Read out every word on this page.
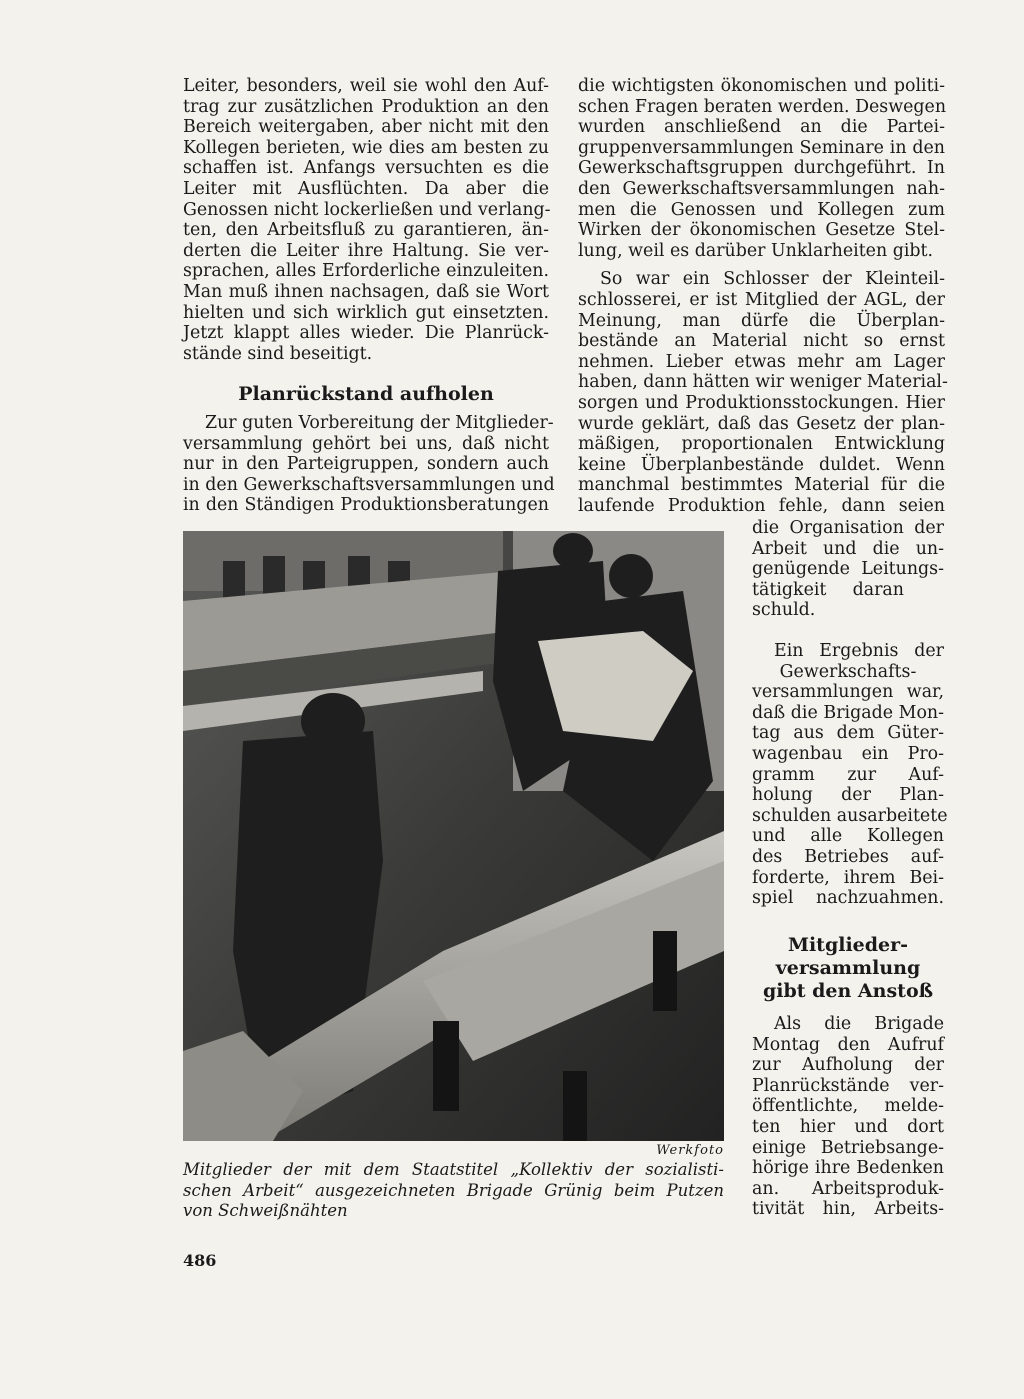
Leiter, besonders, weil sie wohl den Auf-
trag zur zusätzlichen Produktion an den
Bereich weitergaben, aber nicht mit den
Kollegen berieten, wie dies am besten zu
schaffen ist. Anfangs versuchten es die
Leiter mit Ausflüchten. Da aber die
Genossen nicht lockerließen und verlang-
ten, den Arbeitsfluß zu garantieren, än-
derten die Leiter ihre Haltung. Sie ver-
sprachen, alles Erforderliche einzuleiten.
Man muß ihnen nachsagen, daß sie Wort
hielten und sich wirklich gut einsetzten.
Jetzt klappt alles wieder. Die Planrück-
stände sind beseitigt.
Planrückstand aufholen
Zur guten Vorbereitung der Mitglieder-
versammlung gehört bei uns, daß nicht
nur in den Parteigruppen, sondern auch
in den Gewerkschaftsversammlungen und
in den Ständigen Produktionsberatungen
die wichtigsten ökonomischen und politi-
schen Fragen beraten werden. Deswegen
wurden anschließend an die Partei-
gruppenversammlungen Seminare in den
Gewerkschaftsgruppen durchgeführt. In
den Gewerkschaftsversammlungen nah-
men die Genossen und Kollegen zum
Wirken der ökonomischen Gesetze Stel-
lung, weil es darüber Unklarheiten gibt.
So war ein Schlosser der Kleinteil-
schlosserei, er ist Mitglied der AGL, der
Meinung, man dürfe die Überplan-
bestände an Material nicht so ernst
nehmen. Lieber etwas mehr am Lager
haben, dann hätten wir weniger Material-
sorgen und Produktionsstockungen. Hier
wurde geklärt, daß das Gesetz der plan-
mäßigen, proportionalen Entwicklung
keine Überplanbestände duldet. Wenn
manchmal bestimmtes Material für die
laufende Produktion fehle, dann seien
die Organisation der
Arbeit und die un-
genügende Leitungs-
tätigkeit daran
schuld.
Ein Ergebnis der
Gewerkschafts-
versammlungen war,
daß die Brigade Mon-
tag aus dem Güter-
wagenbau ein Pro-
gramm zur Auf-
holung der Plan-
schulden ausarbeitete
und alle Kollegen
des Betriebes auf-
forderte, ihrem Bei-
spiel nachzuahmen.
Mitglieder-
versammlung
gibt den Anstoß
Als die Brigade
Montag den Aufruf
zur Aufholung der
Planrückstände ver-
öffentlichte, melde-
ten hier und dort
einige Betriebsange-
hörige ihre Bedenken
an. Arbeitsproduk-
tivität hin, Arbeits-
Werkfoto
Mitglieder der mit dem Staatstitel „Kollektiv der sozialisti-
schen Arbeit“ ausgezeichneten Brigade Grünig beim Putzen
von Schweißnähten
486
